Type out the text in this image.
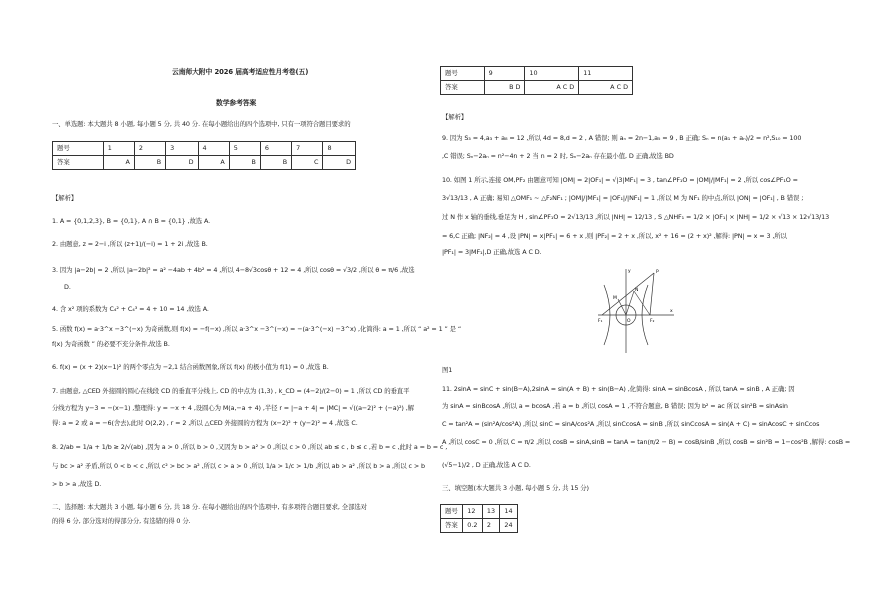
云南师大附中 2026 届高考适应性月考卷(五)
数学参考答案
一、单选题: 本大题共 8 小题, 每小题 5 分, 共 40 分. 在每小题给出的四个选项中, 只有一项符合题目要求的
题号	1	2	3	4	5	6	7	8
答案	A	B	D	A	B	B	C	D
【解析】
1. A = {0,1,2,3}, B = {0,1}, A ∩ B = {0,1} ,故选 A.
2. 由题意, z = 2−i ,所以 (z+1)/(−i) = 1 + 2i ,故选 B.
3. 因为 |a−2b| = 2 ,所以 |a−2b|² = a² −4ab + 4b² = 4 ,所以 4−8√3cosθ + 12 = 4 ,所以 cosθ = √3/2 ,所以 θ = π/6 ,故选
D.
4. 含 x² 项的系数为 C₄² + C₄³ = 4 + 10 = 14 ,故选 A.
5. 函数 f(x) = a·3^x −3^(−x) 为奇函数,则 f(x) = −f(−x) ,所以 a·3^x −3^(−x) = −(a·3^(−x) −3^x) ,化简得: a = 1 ,所以 “ a² = 1 ” 是 “
f(x) 为奇函数 ” 的必要不充分条件,故选 B.
6. f(x) = (x + 2)(x−1)² 的两个零点为 −2,1 结合函数图象,所以 f(x) 的极小值为 f(1) = 0 ,故选 B.
7. 由题意, △CED 外接圆的圆心在线段 CD 的垂直平分线上, CD 的中点为 (1,3) , k_CD = (4−2)/(2−0) = 1 ,所以 CD 的垂直平
分线方程为 y−3 = −(x−1) ,整理得: y = −x + 4 ,设圆心为 M(a,−a + 4) ,半径 r = |−a + 4| = |MC| = √((a−2)² + (−a)²) ,解
得: a = 2 或 a = −6(舍去),此时 O(2,2) , r = 2 ,所以 △CED 外接圆的方程为 (x−2)² + (y−2)² = 4 ,故选 C.
8. 2/ab = 1/a + 1/b ≥ 2/√(ab) ,因为 a > 0 ,所以 b > 0 ,又因为 b > a² > 0 ,所以 c > 0 ,所以 ab ≤ c , b ≤ c ,若 b = c ,此时 a = b = c ,
与 bc > a² 矛盾,所以 0 < b < c ,所以 c² > bc > a² ,所以 c > a > 0 ,所以 1/a > 1/c > 1/b ,所以 ab > a² ,所以 b > a ,所以 c > b
> b > a ,故选 D.
二、选择题: 本大题共 3 小题, 每小题 6 分, 共 18 分. 在每小题给出的四个选项中, 有多项符合题目要求, 全部选对
的得 6 分, 部分选对的得部分分, 有选错的得 0 分.
题号	9	10	11
答案	B D	A C D	A C D
【解析】
9. 因为 S₃ = 4,a₃ + a₈ = 12 ,所以 4d = 8,d = 2 , A 错误; 则 aₙ = 2n−1,a₅ = 9 , B 正确; Sₙ = n(a₁ + aₙ)/2 = n²,S₁₀ = 100
,C 错误; Sₙ−2aₙ = n²−4n + 2 当 n = 2 时, Sₙ−2aₙ 存在最小值, D 正确,故选 BD
10. 如图 1 所示,连接 OM,PF₂ 由题意可知 |OM| = 2|OF₁| = √|3|MF₁| = 3 , tan∠PF₁O = |OM|/|MF₁| = 2 ,所以 cos∠PF₁O =
3√13/13 , A 正确; 易知 △OMF₁ ∼ △F₂NF₁ ; |OM|/|MF₁| = |OF₁|/|NF₁| = 1 ,所以 M 为 NF₁ 的中点,所以 |ON| = |OF₁| , B 错误 ;
过 N 作 x 轴的垂线,垂足为 H , sin∠PF₁O = 2√13/13 ,所以 |NH| = 12/13 , S △NHF₁ = 1/2 × |OF₁| × |NH| = 1/2 × √13 × 12√13/13
= 6,C 正确; |NF₂| = 4 ,设 |PN| = x|PF₁| = 6 + x ,则 |PF₂| = 2 + x ,所以, x² + 16 = (2 + x)² ,解得: |PN| = x = 3 ,所以
|PF₁| = 3|MF₁|,D 正确,故选 A C D.
P
M
N
F₁	F₂
O
y
x
图1
11. 2sinA = sinC + sin(B−A),2sinA = sin(A + B) + sin(B−A) ,化简得: sinA = sinBcosA , 所以 tanA = sinB , A 正确; 因
为 sinA = sinBcosA ,所以 a = bcosA ,若 a = b ,所以 cosA = 1 ,不符合题意, B 错误; 因为 b² = ac 所以 sin²B = sinAsin
C = tan²A = (sin²A/cos²A) ,所以 sinC = sinA/cos²A ,所以 sinCcosA = sinB ,所以 sinCcosA = sin(A + C) = sinAcosC + sinCcos
A ,所以 cosC = 0 ,所以 C = π/2 ,所以 cosB = sinA,sinB = tanA = tan(π/2 − B) = cosB/sinB ,所以 cosB = sin²B = 1−cos²B ,解得: cosB =
(√5−1)/2 , D 正确,故选 A C D.
三、填空题(本大题共 3 小题, 每小题 5 分, 共 15 分)
题号	12	13	14
答案	0.2	2	24
